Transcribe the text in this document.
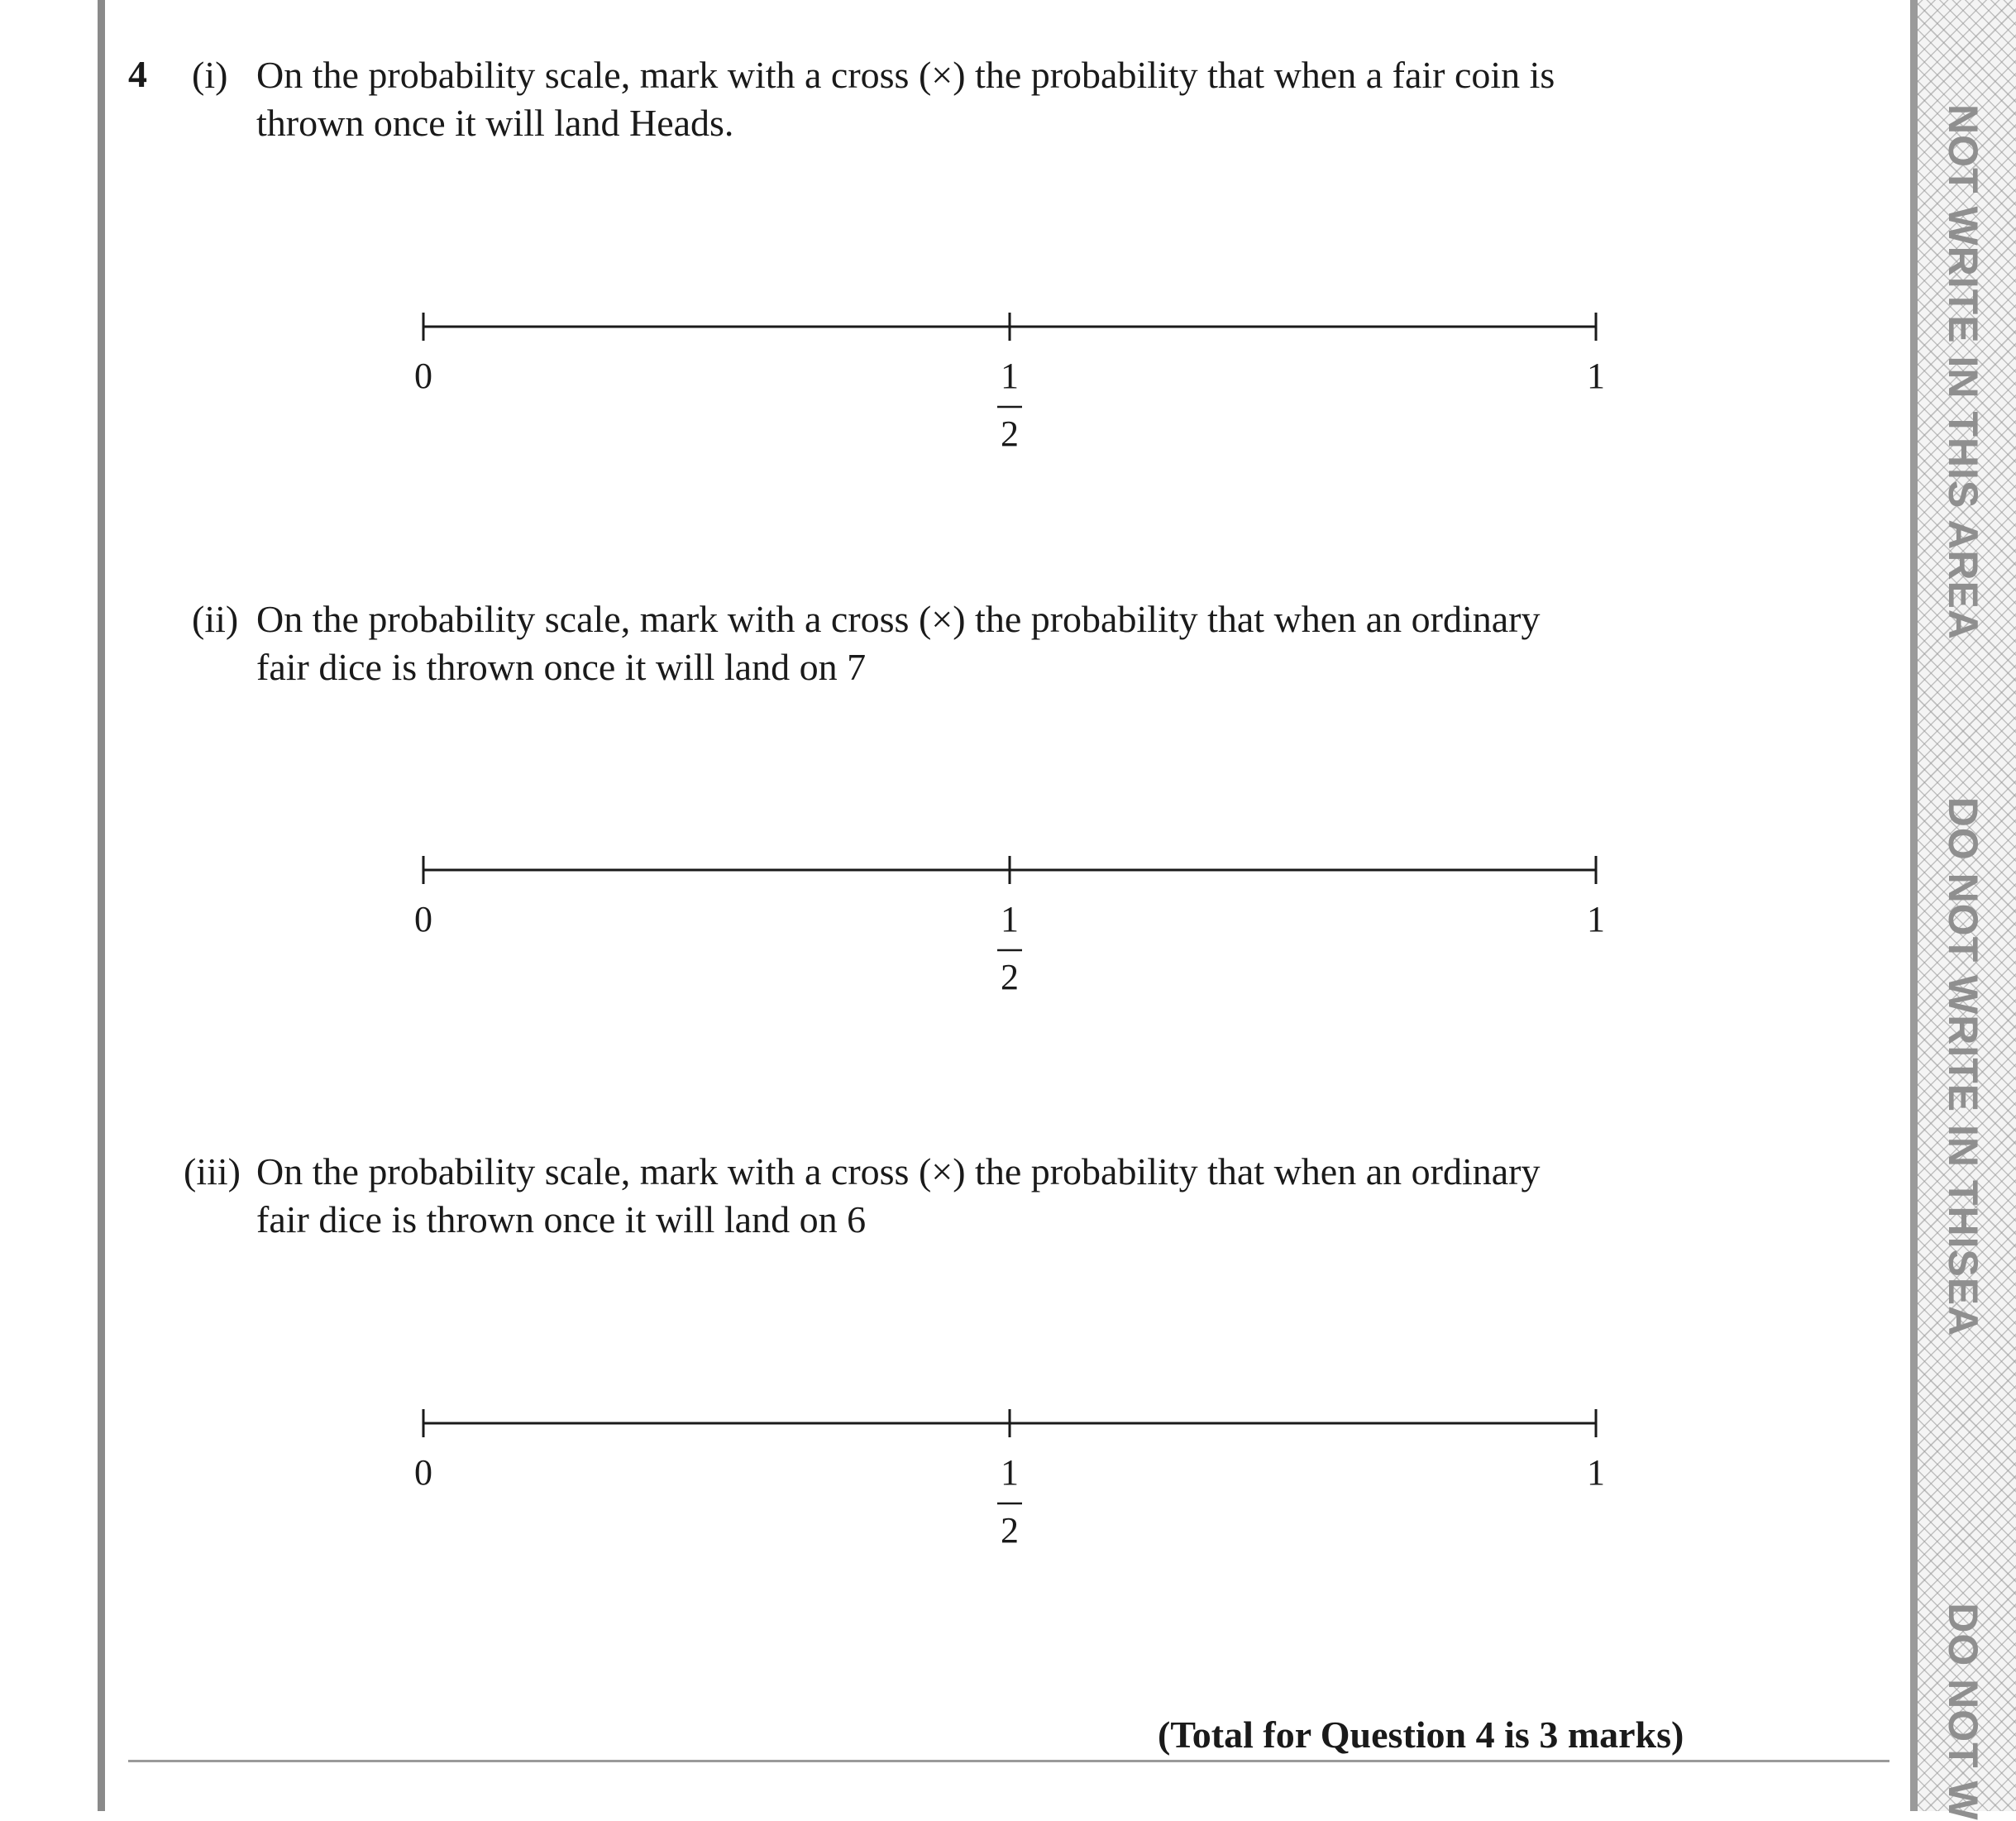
NOT WRITE IN THIS AREA
DO NOT WRITE IN THISEA
DO NOT W
4 (i) On the probability scale, mark with a cross (×) the probability that when a fair coin is
thrown once it will land Heads.
(ii) On the probability scale, mark with a cross (×) the probability that when an ordinary
fair dice is thrown once it will land on 7
(iii) On the probability scale, mark with a cross (×) the probability that when an ordinary
fair dice is thrown once it will land on 6
0	1
2
1
0	1
2
1
0	1
2
1
(Total for Question 4 is 3 marks)
